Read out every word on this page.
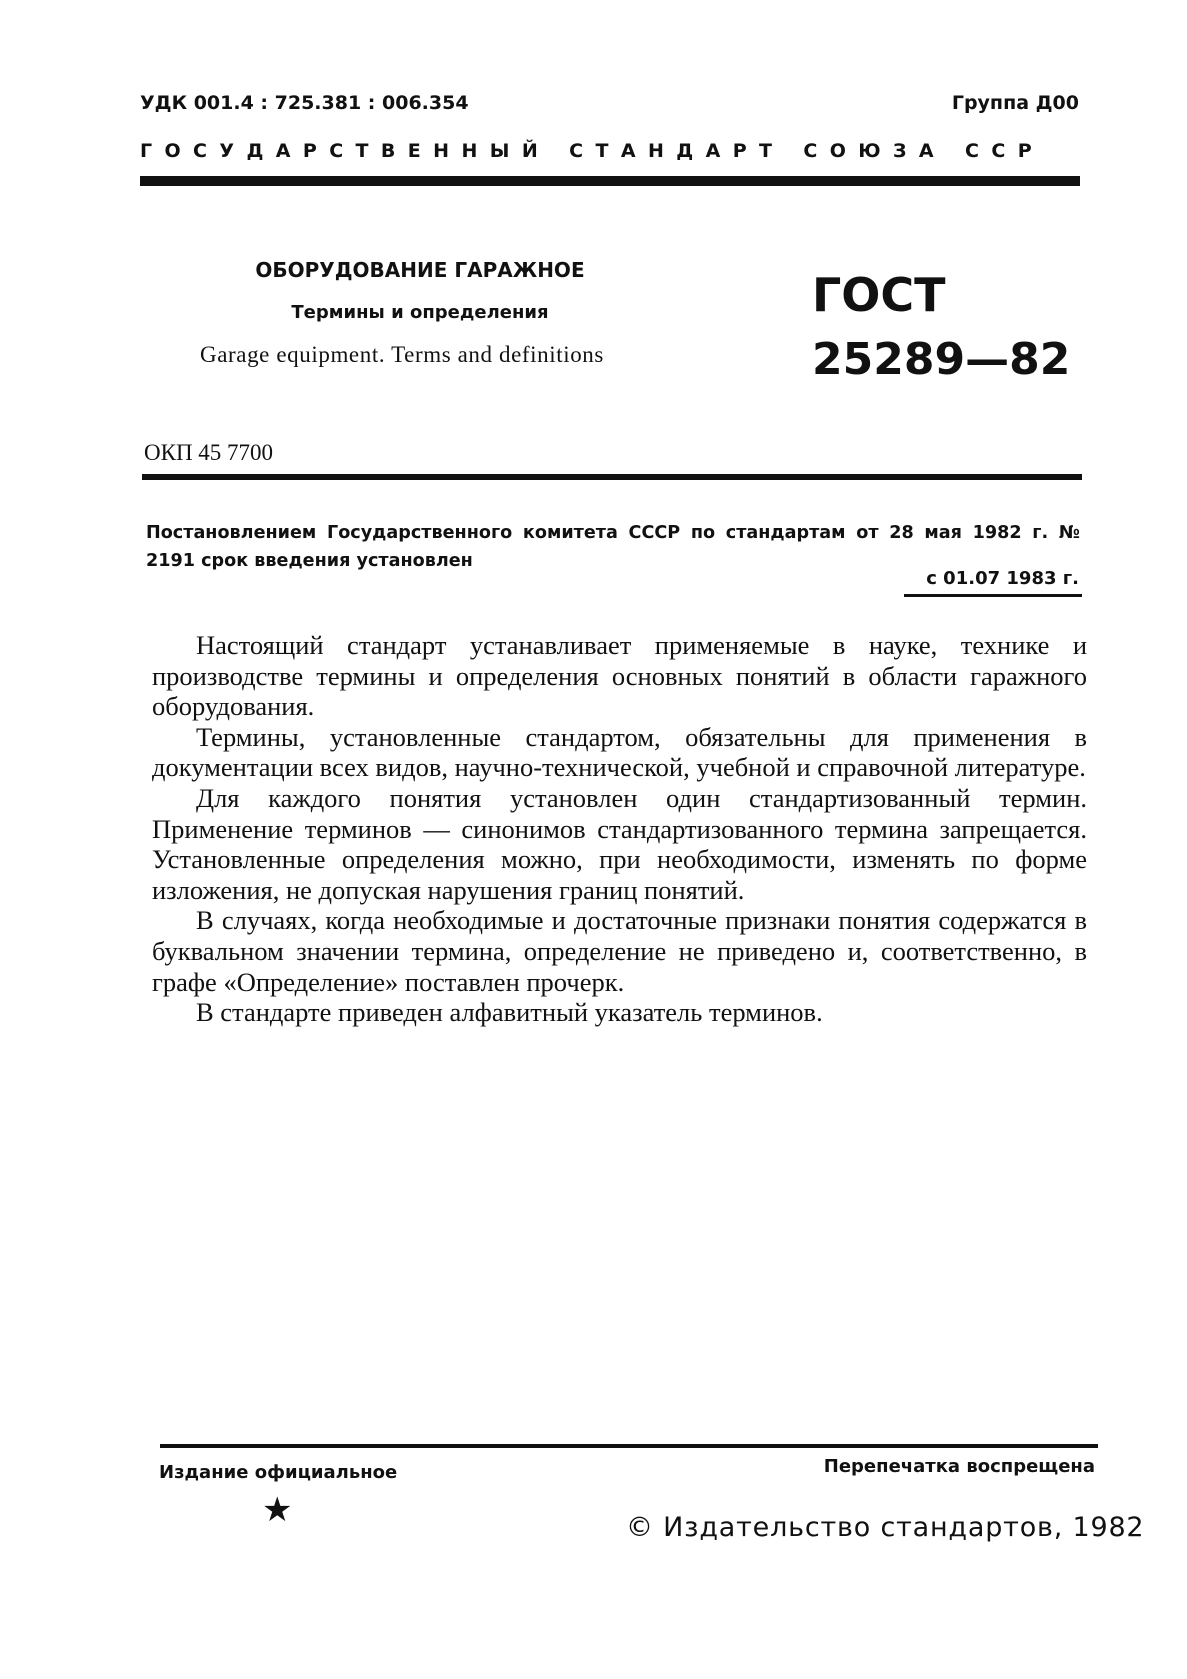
УДК 001.4 : 725.381 : 006.354	Группа Д00
ГОСУДАРСТВЕННЫЙ СТАНДАРТ СОЮЗА ССР
ОБОРУДОВАНИЕ ГАРАЖНОЕ
Термины и определения
Garage equipment. Terms and definitions
ГОСТ
25289—82
ОКП 45 7700
Постановлением Государственного комитета СССР по стандартам от 28 мая 1982 г. № 2191 срок введения установлен
с 01.07 1983 г.

Настоящий стандарт устанавливает применяемые в науке, технике и производстве термины и определения основных понятий в области гаражного оборудования.

Термины, установленные стандартом, обязательны для применения в документации всех видов, научно-технической, учебной и справочной литературе.

Для каждого понятия установлен один стандартизованный термин. Применение терминов — синонимов стандартизованного термина запрещается. Установленные определения можно, при необходимости, изменять по форме изложения, не допуская нарушения границ понятий.

В случаях, когда необходимые и достаточные признаки понятия содержатся в буквальном значении термина, определение не приведено и, соответственно, в графе «Определение» поставлен прочерк.

В стандарте приведен алфавитный указатель терминов.

Издание официальное	Перепечатка воспрещена
★	© Издательство стандартов, 1982
